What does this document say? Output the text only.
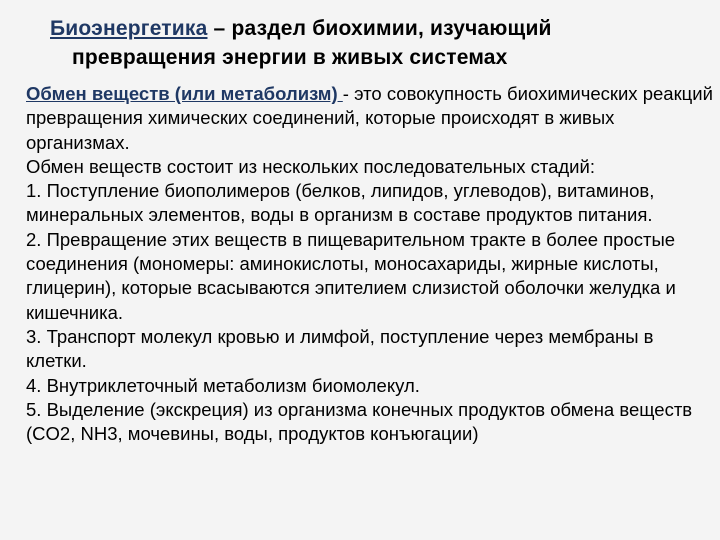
Биоэнергетика – раздел биохимии, изучающий
превращения энергии в живых системах

Обмен веществ (или метаболизм) - это совокупность биохимических реакций превращения химических соединений, которые происходят в живых организмах.

Обмен веществ состоит из нескольких последовательных стадий:

1. Поступление биополимеров (белков, липидов, углеводов), витаминов, минеральных элементов, воды в организм в составе продуктов питания.

2. Превращение этих веществ в пищеварительном тракте в более простые соединения (мономеры: аминокислоты, моносахариды, жирные кислоты, глицерин), которые всасываются эпителием слизистой оболочки желудка и кишечника.

3. Транспорт молекул кровью и лимфой, поступление через мембраны в клетки.

4. Внутриклеточный метаболизм биомолекул.

5. Выделение (экскреция) из организма конечных продуктов обмена веществ (CO2, NH3, мочевины, воды, продуктов конъюгации)
